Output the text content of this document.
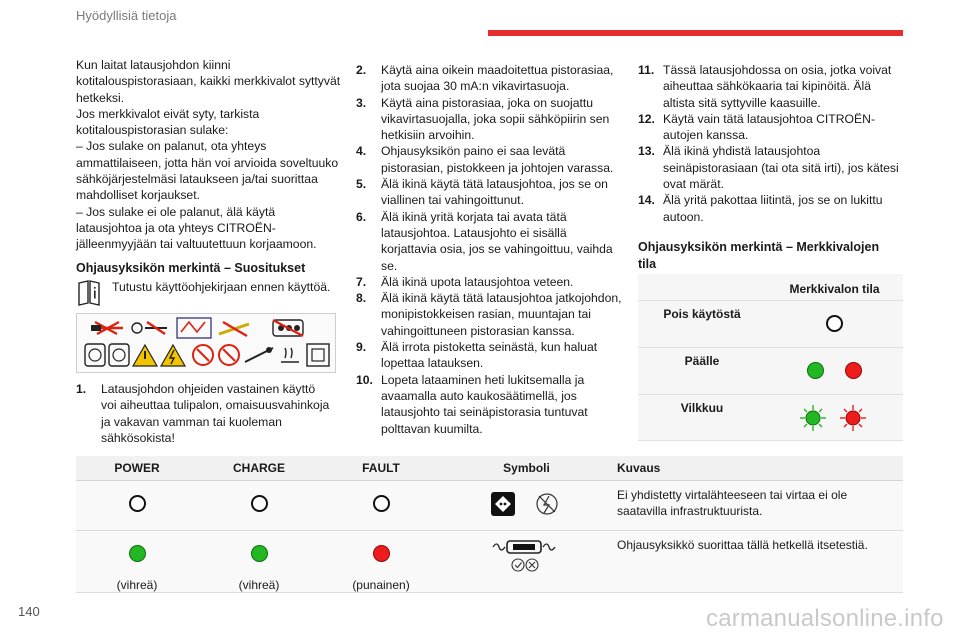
Hyödyllisiä tietoja
Kun laitat latausjohdon kiinni
kotitalouspistorasiaan, kaikki merkkivalot syttyvät
hetkeksi.
Jos merkkivalot eivät syty, tarkista
kotitalouspistorasian sulake:
– Jos sulake on palanut, ota yhteys
ammattilaiseen, jotta hän voi arvioida soveltuuko
sähköjärjestelmäsi lataukseen ja/tai suorittaa
mahdolliset korjaukset.
– Jos sulake ei ole palanut, älä käytä
latausjohtoa ja ota yhteys CITROËN-
jälleenmyyjään tai valtuutettuun korjaamoon.
Ohjausyksikön merkintä – Suositukset
Tutustu käyttöohjekirjaan ennen käyttöä.
1. Latausjohdon ohjeiden vastainen käyttö
voi aiheuttaa tulipalon, omaisuusvahinkoja
ja vakavan vamman tai kuoleman
sähkösokista!
2. Käytä aina oikein maadoitettua pistorasiaa,
jota suojaa 30 mA:n vikavirtasuoja.
3. Käytä aina pistorasiaa, joka on suojattu
vikavirtasuojalla, joka sopii sähköpiirin sen
hetkisiin arvoihin.
4. Ohjausyksikön paino ei saa levätä
pistorasian, pistokkeen ja johtojen varassa.
5. Älä ikinä käytä tätä latausjohtoa, jos se on
viallinen tai vahingoittunut.
6. Älä ikinä yritä korjata tai avata tätä
latausjohtoa. Latausjohto ei sisällä
korjattavia osia, jos se vahingoittuu, vaihda
se.
7. Älä ikinä upota latausjohtoa veteen.
8. Älä ikinä käytä tätä latausjohtoa jatkojohdon,
monipistokkeisen rasian, muuntajan tai
vahingoittuneen pistorasian kanssa.
9. Älä irrota pistoketta seinästä, kun haluat
lopettaa latauksen.
10. Lopeta lataaminen heti lukitsemalla ja
avaamalla auto kaukosäätimellä, jos
latausjohto tai seinäpistorasia tuntuvat
polttavan kuumilta.
11. Tässä latausjohdossa on osia, jotka voivat
aiheuttaa sähkökaaria tai kipinöitä. Älä
altista sitä syttyville kaasuille.
12. Käytä vain tätä latausjohtoa CITROËN-
autojen kanssa.
13. Älä ikinä yhdistä latausjohtoa
seinäpistorasiaan (tai ota sitä irti), jos kätesi
ovat märät.
14. Älä yritä pakottaa liitintä, jos se on lukittu
autoon.
Ohjausyksikön merkintä – Merkkivalojen
tila
	Merkkivalon tila
Pois käytöstä	
Päälle	
Vilkkuu	
POWER	CHARGE	FAULT	Symboli	Kuvaus

Ei yhdistetty virtalähteeseen tai virtaa ei ole
saatavilla infrastruktuurista.

(vihreä)	(vihreä)	(punainen)		Ohjausyksikkö suorittaa tällä hetkellä itsetestiä.
140	carmanualsonline.info
